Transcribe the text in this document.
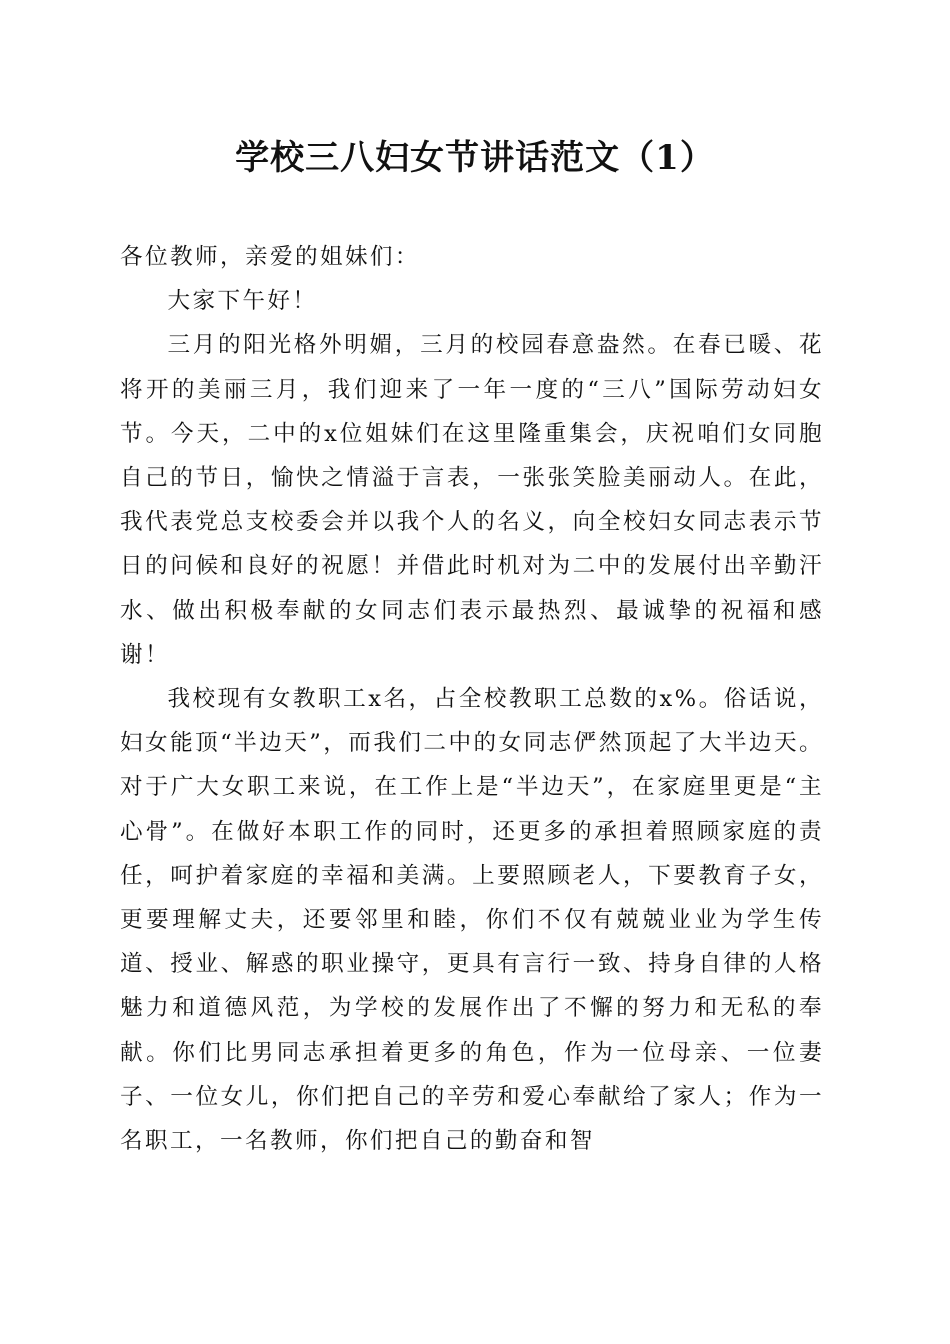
学校三八妇女节讲话范文（1）

各位教师，亲爱的姐妹们：

大家下午好！

三月的阳光格外明媚，三月的校园春意盎然。在春已暖、花将开的美丽三月，我们迎来了一年一度的“三八”国际劳动妇女节。今天，二中的x位姐妹们在这里隆重集会，庆祝咱们女同胞自己的节日，愉快之情溢于言表，一张张笑脸美丽动人。在此，我代表党总支校委会并以我个人的名义，向全校妇女同志表示节日的问候和良好的祝愿！并借此时机对为二中的发展付出辛勤汗水、做出积极奉献的女同志们表示最热烈、最诚挚的祝福和感谢！

我校现有女教职工x名，占全校教职工总数的x%。俗话说，妇女能顶“半边天”，而我们二中的女同志俨然顶起了大半边天。对于广大女职工来说，在工作上是“半边天”，在家庭里更是“主心骨”。在做好本职工作的同时，还更多的承担着照顾家庭的责任，呵护着家庭的幸福和美满。上要照顾老人，下要教育子女，更要理解丈夫，还要邻里和睦，你们不仅有兢兢业业为学生传道、授业、解惑的职业操守，更具有言行一致、持身自律的人格魅力和道德风范，为学校的发展作出了不懈的努力和无私的奉献。你们比男同志承担着更多的角色，作为一位母亲、一位妻子、一位女儿，你们把自己的辛劳和爱心奉献给了家人；作为一名职工，一名教师，你们把自己的勤奋和智
